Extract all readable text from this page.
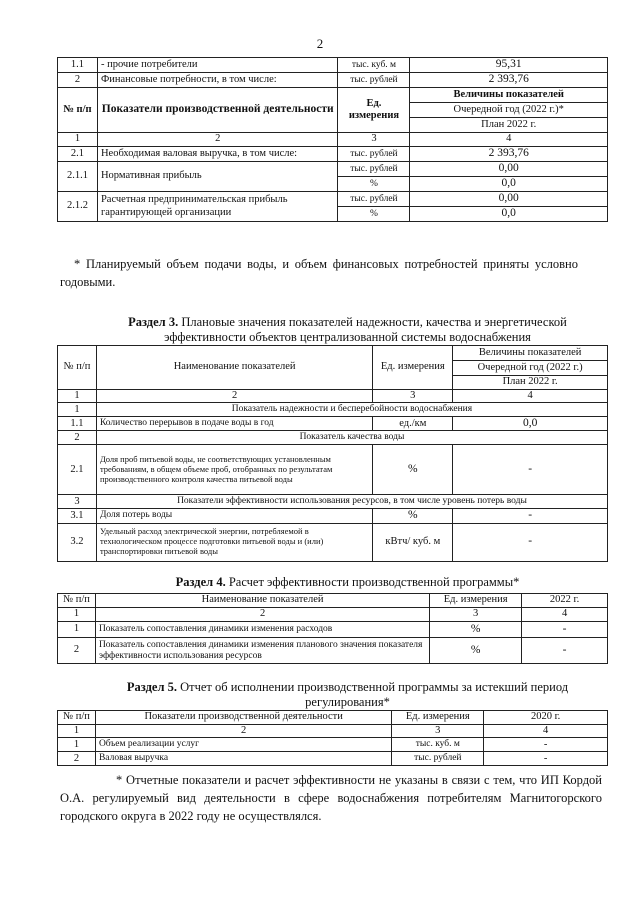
2
1.1	- прочие потребители	тыс. куб. м	95,31
2	Финансовые потребности, в том числе:	тыс. рублей	2 393,76
№ п/п	Показатели производственной деятельности	Ед. измерения	Величины показателей
			Очередной год (2022 г.)*
			План 2022 г.
1	2	3	4
2.1	Необходимая валовая выручка, в том числе:	тыс. рублей	2 393,76
2.1.1	Нормативная прибыль	тыс. рублей	0,00
		%	0,0
2.1.2	Расчетная предпринимательская прибыль гарантирующей организации	тыс. рублей	0,00
		%	0,0
* Планируемый объем подачи воды, и объем финансовых потребностей приняты условно годовыми.
Раздел 3. Плановые значения показателей надежности, качества и энергетической эффективности объектов централизованной системы водоснабжения
№ п/п	Наименование показателей	Ед. измерения	Величины показателей
			Очередной год (2022 г.)
			План 2022 г.
1	2	3	4
1	Показатель надежности и бесперебойности водоснабжения		
1.1	Количество перерывов в подаче воды в год	ед./км	0,0
2	Показатель качества воды		
2.1	Доля проб питьевой воды, не соответствующих установленным требованиям, в общем объеме проб, отобранных по результатам производственного контроля качества питьевой воды	%	-
3	Показатели эффективности использования ресурсов, в том числе уровень потерь воды		
3.1	Доля потерь воды	%	-
3.2	Удельный расход электрической энергии, потребляемой в технологическом процессе подготовки питьевой воды и (или) транспортировки питьевой воды	кВтч/ куб. м	-
Раздел 4. Расчет эффективности производственной программы*
№ п/п	Наименование показателей	Ед. измерения	2022 г.
1	2	3	4
1	Показатель сопоставления динамики изменения расходов	%	-
2	Показатель сопоставления динамики изменения планового значения показателя эффективности использования ресурсов	%	-
Раздел 5. Отчет об исполнении производственной программы за истекший период регулирования*
№ п/п	Показатели производственной деятельности	Ед. измерения	2020 г.
1	2	3	4
1	Объем реализации услуг	тыс. куб. м	-
2	Валовая выручка	тыс. рублей	-
* Отчетные показатели и расчет эффективности не указаны в связи с тем, что ИП Кордой О.А. регулируемый вид деятельности в сфере водоснабжения потребителям Магнитогорского городского округа в 2022 году не осуществлялся.
